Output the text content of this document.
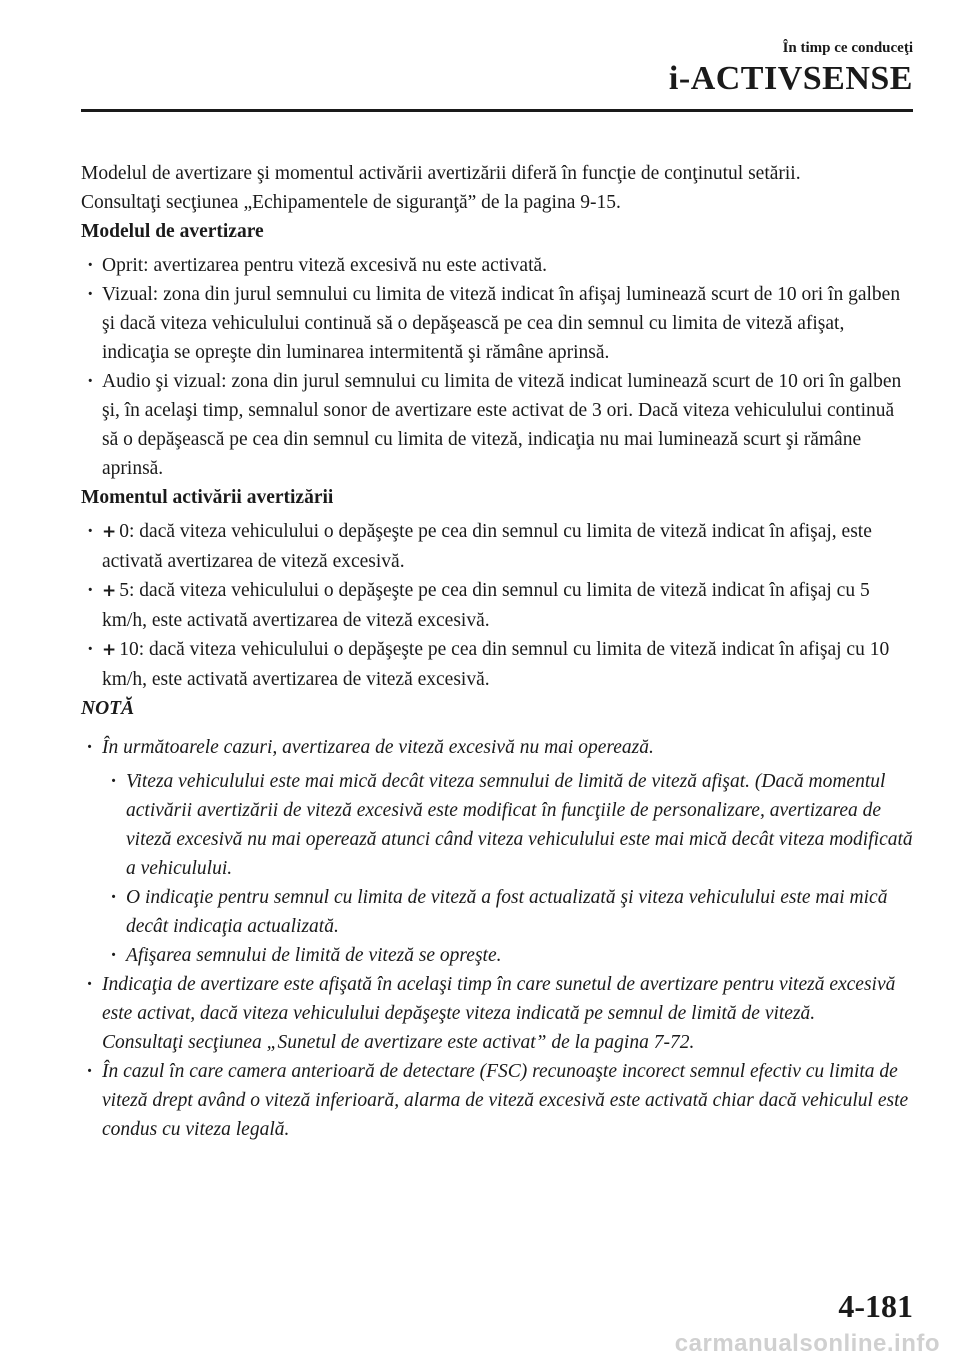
În timp ce conduceţi
i-ACTIVSENSE

Modelul de avertizare şi momentul activării avertizării diferă în funcţie de conţinutul setării.

Consultaţi secţiunea „Echipamentele de siguranţă” de la pagina 9-15.

Modelul de avertizare

· Oprit: avertizarea pentru viteză excesivă nu este activată.
· Vizual: zona din jurul semnului cu limita de viteză indicat în afişaj luminează scurt de 10 ori în galben şi dacă viteza vehiculului continuă să o depăşească pe cea din semnul cu limita de viteză afişat, indicaţia se opreşte din luminarea intermitentă şi rămâne aprinsă.
· Audio şi vizual: zona din jurul semnului cu limita de viteză indicat luminează scurt de 10 ori în galben şi, în acelaşi timp, semnalul sonor de avertizare este activat de 3 ori. Dacă viteza vehiculului continuă să o depăşească pe cea din semnul cu limita de viteză, indicaţia nu mai luminează scurt şi rămâne aprinsă.

Momentul activării avertizării

· + 0: dacă viteza vehiculului o depăşeşte pe cea din semnul cu limita de viteză indicat în afişaj, este activată avertizarea de viteză excesivă.
· + 5: dacă viteza vehiculului o depăşeşte pe cea din semnul cu limita de viteză indicat în afişaj cu 5 km/h, este activată avertizarea de viteză excesivă.
· + 10: dacă viteza vehiculului o depăşeşte pe cea din semnul cu limita de viteză indicat în afişaj cu 10 km/h, este activată avertizarea de viteză excesivă.

NOTĂ

· În următoarele cazuri, avertizarea de viteză excesivă nu mai operează.
· Viteza vehiculului este mai mică decât viteza semnului de limită de viteză afişat. (Dacă momentul activării avertizării de viteză excesivă este modificat în funcţiile de personalizare, avertizarea de viteză excesivă nu mai operează atunci când viteza vehiculului este mai mică decât viteza modificată a vehiculului.
· O indicaţie pentru semnul cu limita de viteză a fost actualizată şi viteza vehiculului este mai mică decât indicaţia actualizată.
· Afişarea semnului de limită de viteză se opreşte.
· Indicaţia de avertizare este afişată în acelaşi timp în care sunetul de avertizare pentru viteză excesivă este activat, dacă viteza vehiculului depăşeşte viteza indicată pe semnul de limită de viteză.
Consultaţi secţiunea „Sunetul de avertizare este activat” de la pagina 7-72.
· În cazul în care camera anterioară de detectare (FSC) recunoaşte incorect semnul efectiv cu limita de viteză drept având o viteză inferioară, alarma de viteză excesivă este activată chiar dacă vehiculul este condus cu viteza legală.
4-181
carmanualsonline.info
